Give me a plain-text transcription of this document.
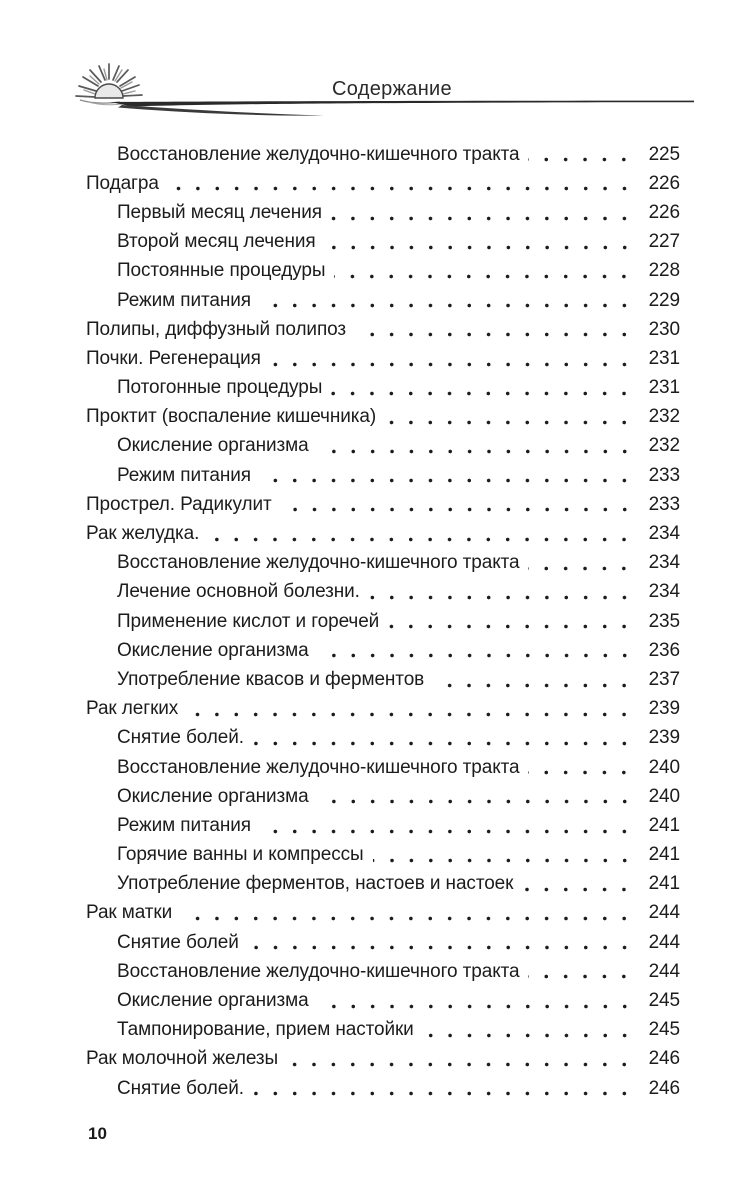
Содержание
Восстановление желудочно-кишечного тракта	225
Подагра	226
Первый месяц лечения	226
Второй месяц лечения	227
Постоянные процедуры	228
Режим питания	229
Полипы, диффузный полипоз	230
Почки. Регенерация	231
Потогонные процедуры	231
Проктит (воспаление кишечника)	232
Окисление организма	232
Режим питания	233
Прострел. Радикулит	233
Рак желудка.	234
Восстановление желудочно-кишечного тракта	234
Лечение основной болезни.	234
Применение кислот и горечей	235
Окисление организма	236
Употребление квасов и ферментов	237
Рак легких	239
Снятие болей.	239
Восстановление желудочно-кишечного тракта	240
Окисление организма	240
Режим питания	241
Горячие ванны и компрессы	241
Употребление ферментов, настоев и настоек	241
Рак матки	244
Снятие болей	244
Восстановление желудочно-кишечного тракта	244
Окисление организма	245
Тампонирование, прием настойки	245
Рак молочной железы	246
Снятие болей.	246
10
